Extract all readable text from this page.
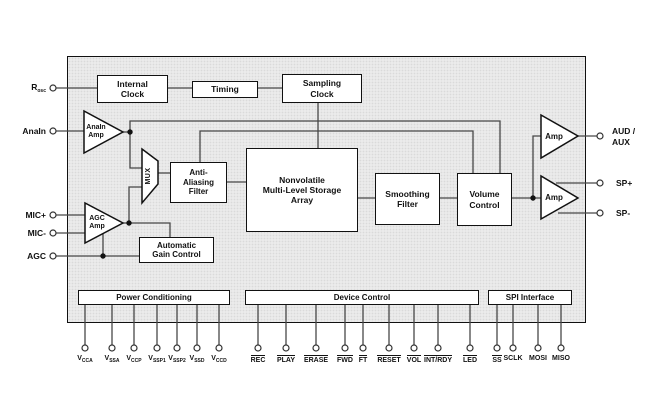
Internal
Clock	Timing
Sampling
Clock
Anti-
Aliasing
Filter
Nonvolatile
Multi-Level Storage
Array
Smoothing
Filter
Volume
Control
Automatic
Gain Control
Power Conditioning	Device Control	SPI Interface
AnaIn
Amp
AGC
Amp
Amp
Amp
MUX
$R_{osc}$
AnaIn
MIC+
MIC-
AGC
AUD /
AUX
SP+
SP-
$V_{CCA}$	$V_{SSA}$ $V_{CCP}$ $V_{SSP1}$ $V_{SSP2}$ $V_{SSD}$ $V_{CCD}$	REC	PLAY	ERASE	FWD FT	RESET VOL INT/RDY	LED	SS SCLK MOSI MISO
